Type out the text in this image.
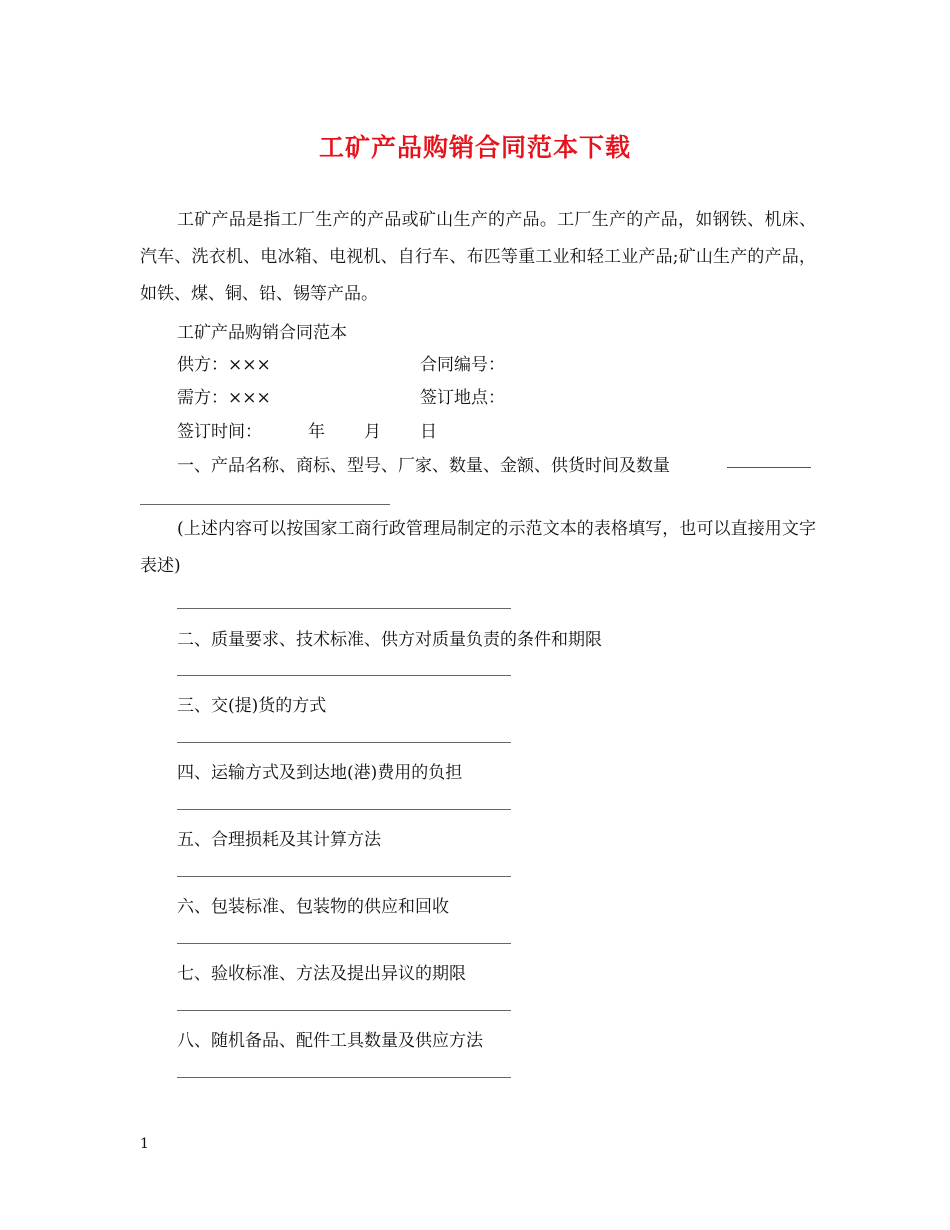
工矿产品购销合同范本下载
工矿产品是指工厂生产的产品或矿山生产的产品。工厂生产的产品，如钢铁、机床、汽车、洗衣机、电冰箱、电视机、自行车、布匹等重工业和轻工业产品;矿山生产的产品，如铁、煤、铜、铅、锡等产品。
工矿产品购销合同范本
供方：×××	合同编号：
需方：×××	签订地点：
签订时间：	年 月 日
一、产品名称、商标、型号、厂家、数量、金额、供货时间及数量
(上述内容可以按国家工商行政管理局制定的示范文本的表格填写，也可以直接用文字表述)
二、质量要求、技术标准、供方对质量负责的条件和期限
三、交(提)货的方式
四、运输方式及到达地(港)费用的负担
五、合理损耗及其计算方法
六、包装标准、包装物的供应和回收
七、验收标准、方法及提出异议的期限
八、随机备品、配件工具数量及供应方法
1
